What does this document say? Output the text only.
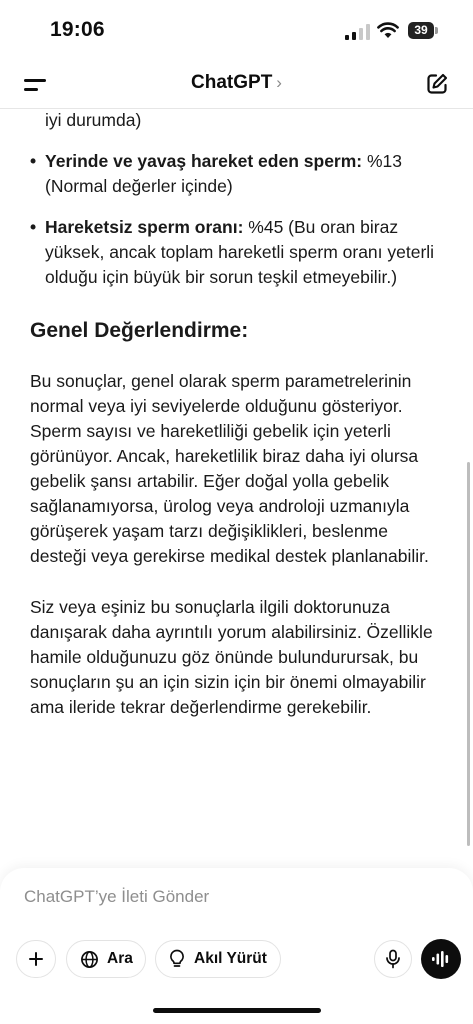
19:06	39
ChatGPT ›

iyi durumda)

• Yerinde ve yavaş hareket eden sperm: %13 (Normal değerler içinde)
• Hareketsiz sperm oranı: %45 (Bu oran biraz yüksek, ancak toplam hareketli sperm oranı yeterli olduğu için büyük bir sorun teşkil etmeyebilir.)
Genel Değerlendirme:

Bu sonuçlar, genel olarak sperm parametrelerinin normal veya iyi seviyelerde olduğunu gösteriyor. Sperm sayısı ve hareketliliği gebelik için yeterli görünüyor. Ancak, hareketlilik biraz daha iyi olursa gebelik şansı artabilir. Eğer doğal yolla gebelik sağlanamıyorsa, ürolog veya androloji uzmanıyla görüşerek yaşam tarzı değişiklikleri, beslenme desteği veya gerekirse medikal destek planlanabilir.

Siz veya eşiniz bu sonuçlarla ilgili doktorunuza danışarak daha ayrıntılı yorum alabilirsiniz. Özellikle hamile olduğunuzu göz önünde bulundurursak, bu sonuçların şu an için sizin için bir önemi olmayabilir ama ileride tekrar değerlendirme gerekebilir.

ChatGPT’ye İleti Gönder
Ara	Akıl Yürüt
